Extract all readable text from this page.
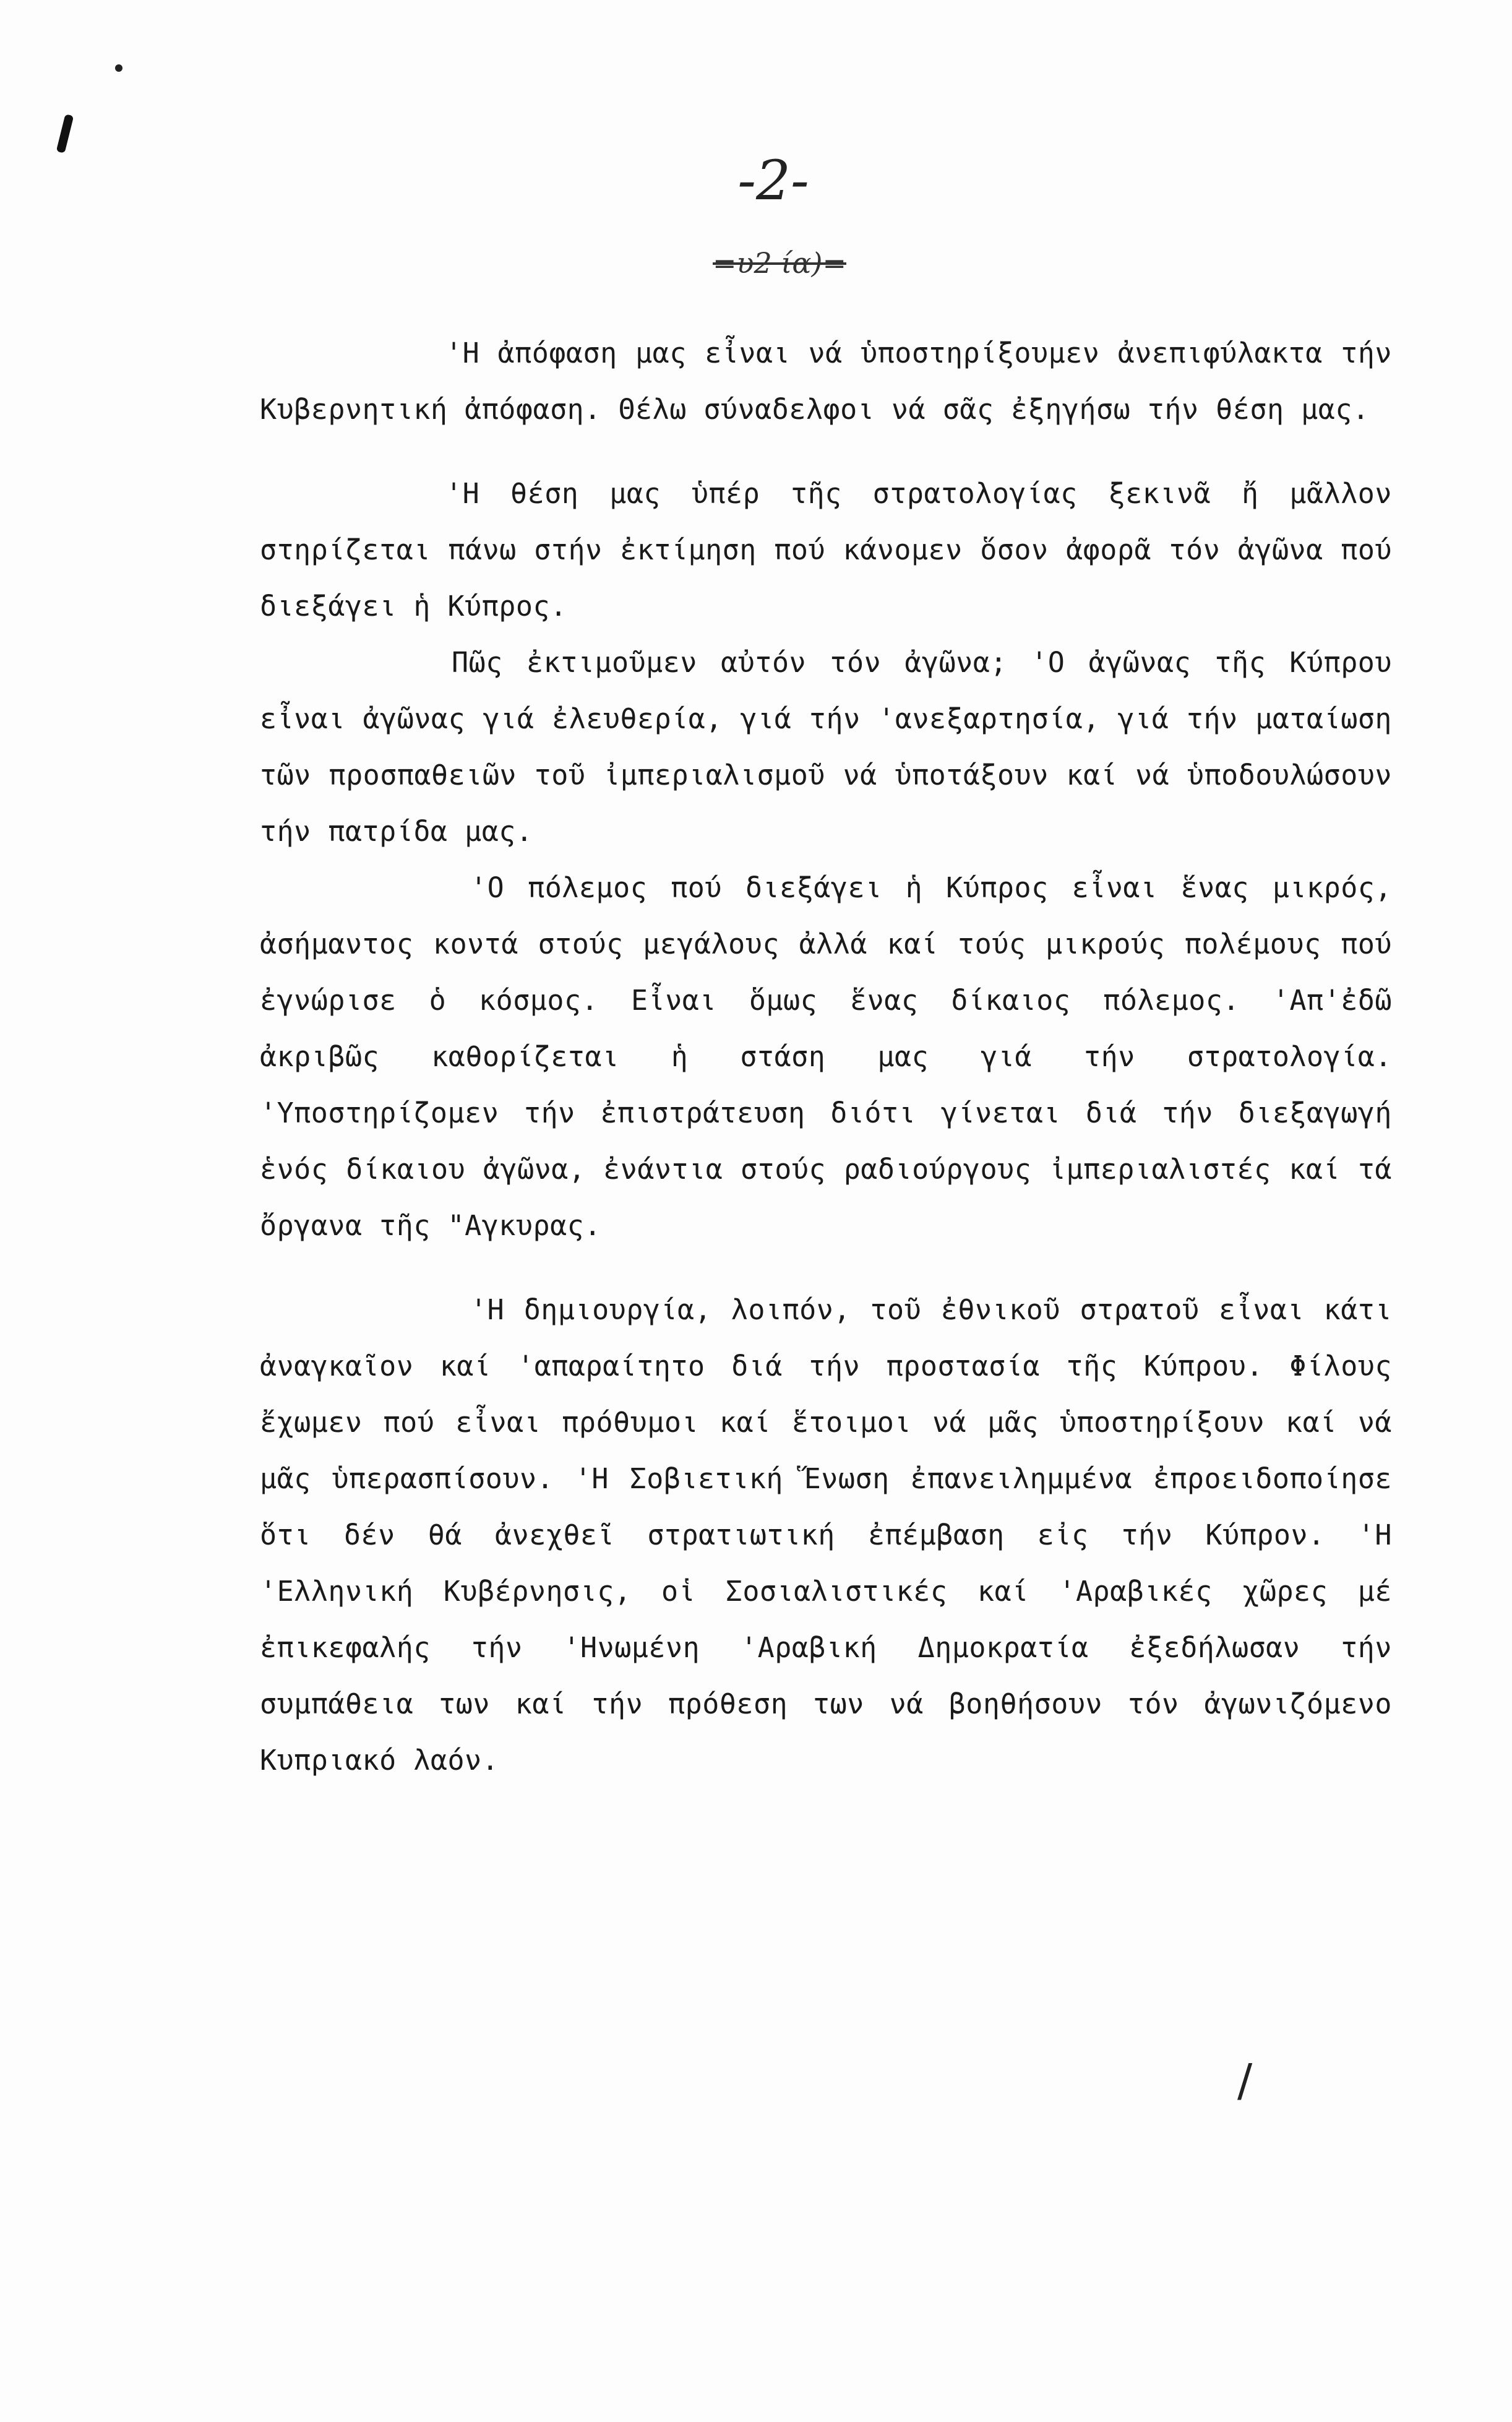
-2-
=υ2 ία)=

'Η ἀπόφαση μας εἶναι νά ὑποστηρίξουμεν ἀνεπιφύλακτα τήν Κυβερνητική ἀπόφαση. Θέλω σύναδελφοι νά σᾶς ἐξηγήσω τήν θέση μας.

'Η θέση μας ὑπέρ τῆς στρατολογίας ξεκινᾶ ἤ μᾶλλον στηρίζεται πάνω στήν ἐκτίμηση πού κάνομεν ὅσον ἀφορᾶ τόν ἀγῶνα πού διεξάγει ἡ Κύπρος.

Πῶς ἐκτιμοῦμεν αὐτόν τόν ἀγῶνα; 'Ο ἀγῶνας τῆς Κύπρου εἶναι ἀγῶνας γιά ἐλευθερία, γιά τήν 'ανεξαρτησία, γιά τήν ματαίωση τῶν προσπαθειῶν τοῦ ἰμπεριαλισμοῦ νά ὑποτάξουν καί νά ὑποδουλώσουν τήν πατρίδα μας.

'Ο πόλεμος πού διεξάγει ἡ Κύπρος εἶναι ἕνας μικρός, ἀσήμαντος κοντά στούς μεγάλους ἀλλά καί τούς μικρούς πολέμους πού ἐγνώρισε ὁ κόσμος. Εἶναι ὅμως ἕνας δίκαιος πόλεμος. 'Απ'ἐδῶ ἀκριβῶς καθορίζεται ἡ στάση μας γιά τήν στρατολογία. 'Υποστηρίζομεν τήν ἐπιστράτευση διότι γίνεται διά τήν διεξαγωγή ἑνός δίκαιου ἀγῶνα, ἐνάντια στούς ραδιούργους ἰμπεριαλιστές καί τά ὄργανα τῆς "Αγκυρας.

'Η δημιουργία, λοιπόν, τοῦ ἐθνικοῦ στρατοῦ εἶναι κάτι ἀναγκαῖον καί 'απαραίτητο διά τήν προστασία τῆς Κύπρου. Φίλους ἔχωμεν πού εἶναι πρόθυμοι καί ἕτοιμοι νά μᾶς ὑποστηρίξουν καί νά μᾶς ὑπερασπίσουν. 'Η Σοβιετική Ἕνωση ἐπανειλημμένα ἐπροειδοποίησε ὅτι δέν θά ἀνεχθεῖ στρατιωτική ἐπέμβαση εἰς τήν Κύπρον. 'Η 'Ελληνική Κυβέρνησις, οἱ Σοσιαλιστικές καί 'Αραβικές χῶρες μέ ἐπικεφαλής τήν 'Ηνωμένη 'Αραβική Δημοκρατία ἐξεδήλωσαν τήν συμπάθεια των καί τήν πρόθεση των νά βοηθήσουν τόν ἀγωνιζόμενο Κυπριακό λαόν.

/
